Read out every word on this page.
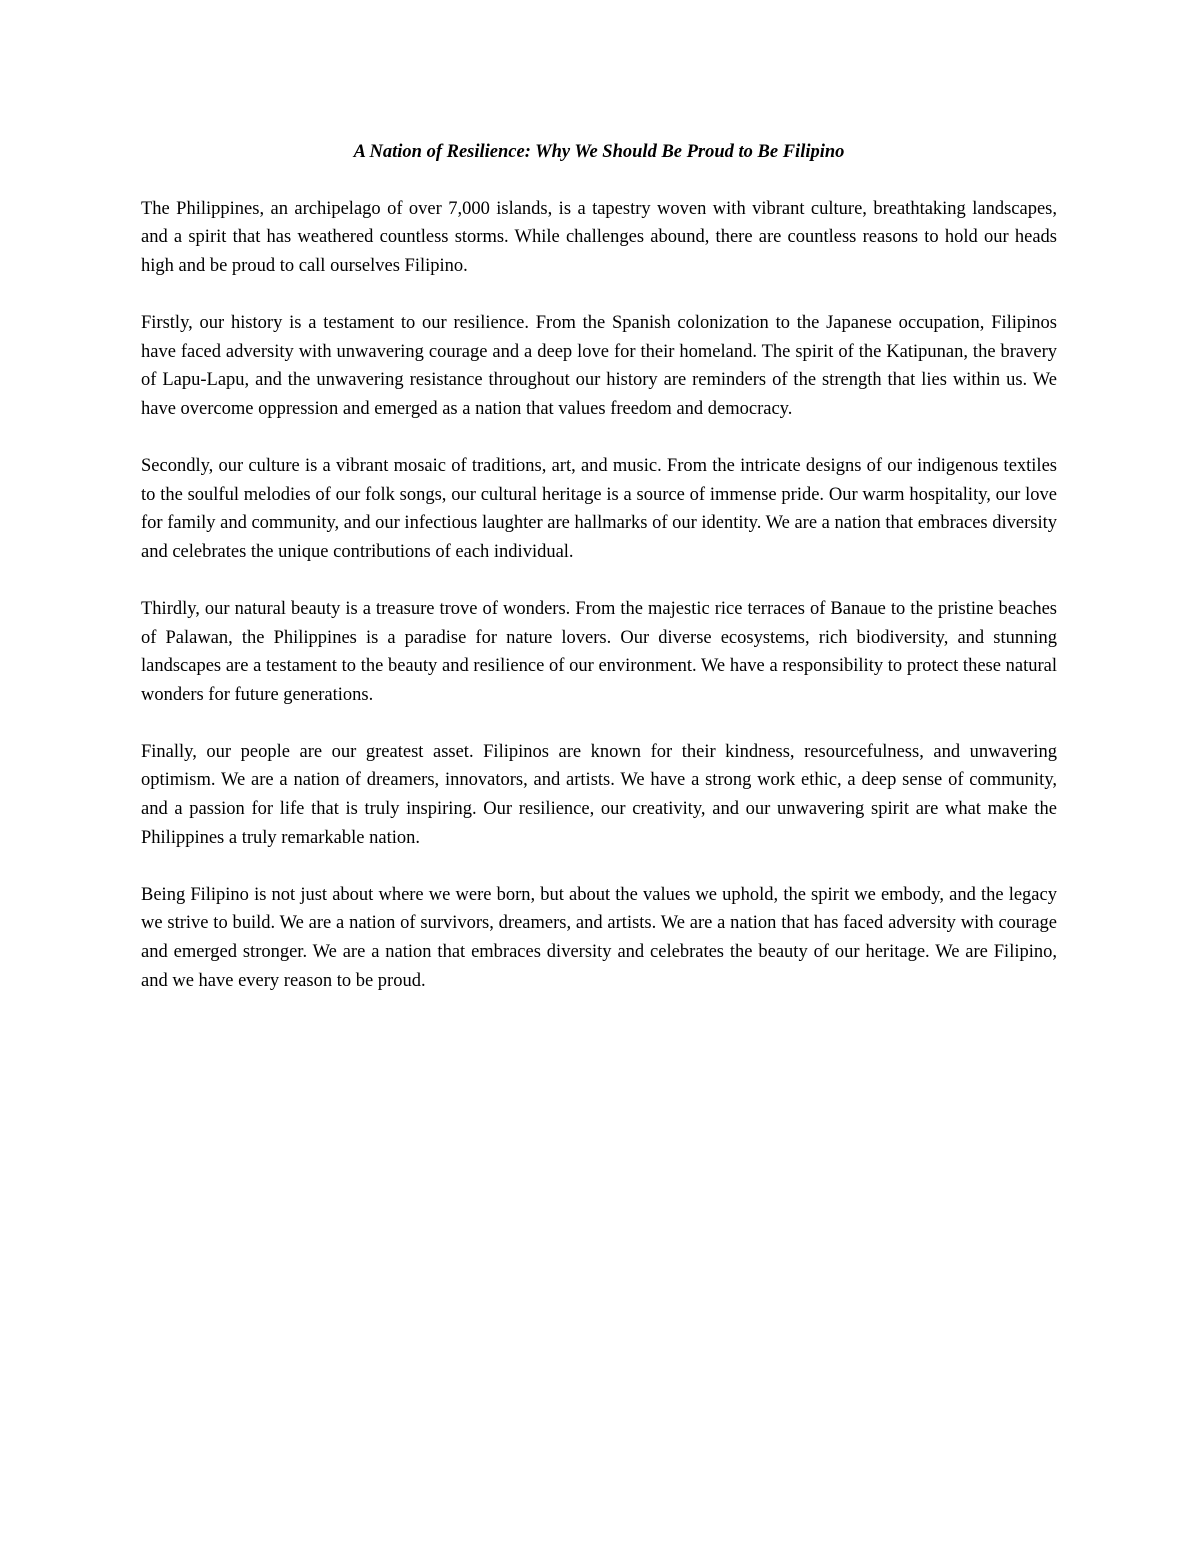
A Nation of Resilience: Why We Should Be Proud to Be Filipino

The Philippines, an archipelago of over 7,000 islands, is a tapestry woven with vibrant culture, breathtaking landscapes, and a spirit that has weathered countless storms. While challenges abound, there are countless reasons to hold our heads high and be proud to call ourselves Filipino.

Firstly, our history is a testament to our resilience. From the Spanish colonization to the Japanese occupation, Filipinos have faced adversity with unwavering courage and a deep love for their homeland. The spirit of the Katipunan, the bravery of Lapu-Lapu, and the unwavering resistance throughout our history are reminders of the strength that lies within us. We have overcome oppression and emerged as a nation that values freedom and democracy.

Secondly, our culture is a vibrant mosaic of traditions, art, and music. From the intricate designs of our indigenous textiles to the soulful melodies of our folk songs, our cultural heritage is a source of immense pride. Our warm hospitality, our love for family and community, and our infectious laughter are hallmarks of our identity. We are a nation that embraces diversity and celebrates the unique contributions of each individual.

Thirdly, our natural beauty is a treasure trove of wonders. From the majestic rice terraces of Banaue to the pristine beaches of Palawan, the Philippines is a paradise for nature lovers. Our diverse ecosystems, rich biodiversity, and stunning landscapes are a testament to the beauty and resilience of our environment. We have a responsibility to protect these natural wonders for future generations.

Finally, our people are our greatest asset. Filipinos are known for their kindness, resourcefulness, and unwavering optimism. We are a nation of dreamers, innovators, and artists. We have a strong work ethic, a deep sense of community, and a passion for life that is truly inspiring. Our resilience, our creativity, and our unwavering spirit are what make the Philippines a truly remarkable nation.

Being Filipino is not just about where we were born, but about the values we uphold, the spirit we embody, and the legacy we strive to build. We are a nation of survivors, dreamers, and artists. We are a nation that has faced adversity with courage and emerged stronger. We are a nation that embraces diversity and celebrates the beauty of our heritage. We are Filipino, and we have every reason to be proud.
